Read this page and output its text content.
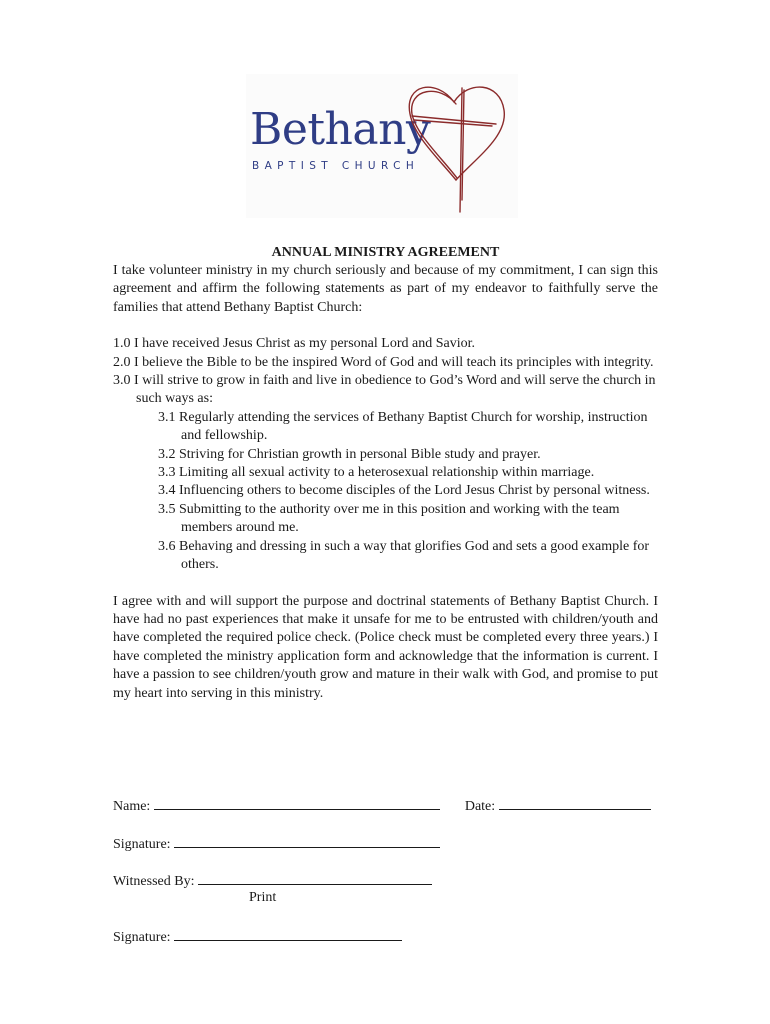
Bethany
BAPTIST CHURCH

ANNUAL MINISTRY AGREEMENT

I take volunteer ministry in my church seriously and because of my commitment, I can sign this agreement and affirm the following statements as part of my endeavor to faithfully serve the families that attend Bethany Baptist Church:

1.0 I have received Jesus Christ as my personal Lord and Savior.

2.0 I believe the Bible to be the inspired Word of God and will teach its principles with integrity.

3.0 I will strive to grow in faith and live in obedience to God’s Word and will serve the church in such ways as:

3.1 Regularly attending the services of Bethany Baptist Church for worship, instruction and fellowship.

3.2 Striving for Christian growth in personal Bible study and prayer.

3.3 Limiting all sexual activity to a heterosexual relationship within marriage.

3.4 Influencing others to become disciples of the Lord Jesus Christ by personal witness.

3.5 Submitting to the authority over me in this position and working with the team members around me.

3.6 Behaving and dressing in such a way that glorifies God and sets a good example for others.

I agree with and will support the purpose and doctrinal statements of Bethany Baptist Church. I have had no past experiences that make it unsafe for me to be entrusted with children/youth and have completed the required police check. (Police check must be completed every three years.) I have completed the ministry application form and acknowledge that the information is current. I have a passion to see children/youth grow and mature in their walk with God, and promise to put my heart into serving in this ministry.

Name:	Date:
Signature:
Witnessed By:
Print
Signature:
